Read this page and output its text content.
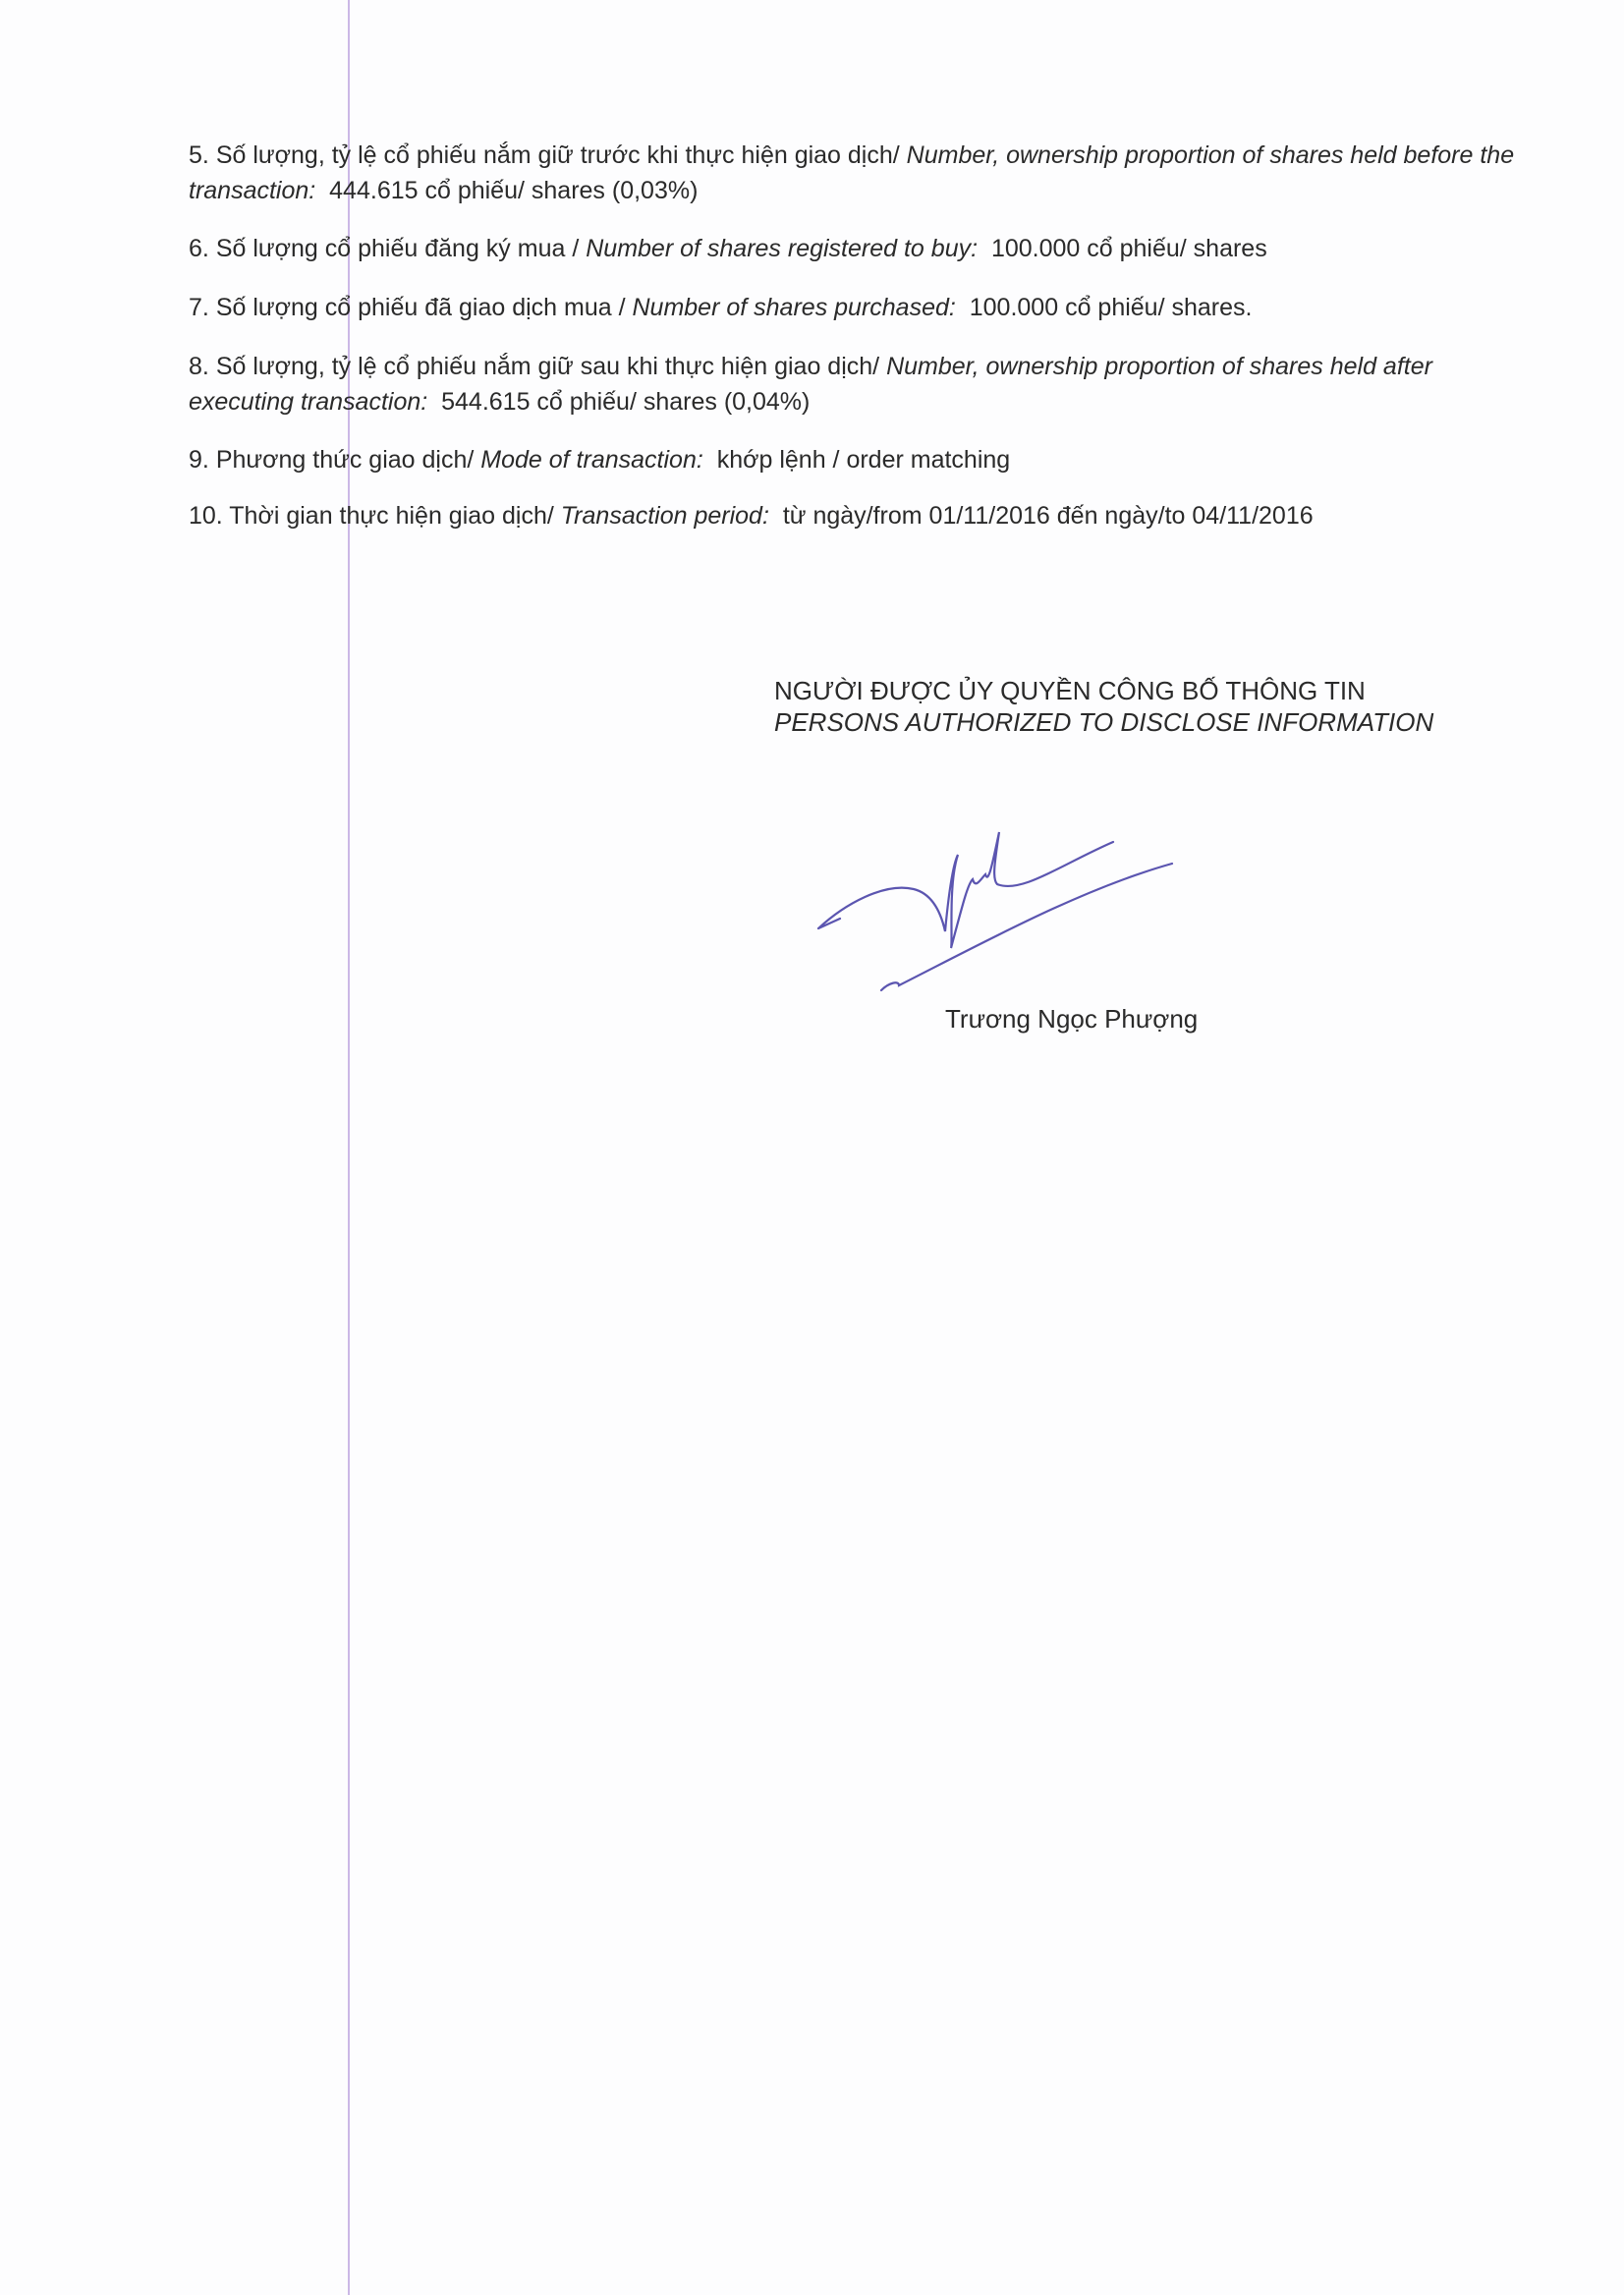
5. Số lượng, tỷ lệ cổ phiếu nắm giữ trước khi thực hiện giao dịch/ Number, ownership proportion of shares held before the transaction: 444.615 cổ phiếu/ shares (0,03%)
6. Số lượng cổ phiếu đăng ký mua / Number of shares registered to buy: 100.000 cổ phiếu/ shares
7. Số lượng cổ phiếu đã giao dịch mua / Number of shares purchased: 100.000 cổ phiếu/ shares.
8. Số lượng, tỷ lệ cổ phiếu nắm giữ sau khi thực hiện giao dịch/ Number, ownership proportion of shares held after executing transaction: 544.615 cổ phiếu/ shares (0,04%)
9. Phương thức giao dịch/ Mode of transaction: khớp lệnh / order matching
10. Thời gian thực hiện giao dịch/ Transaction period: từ ngày/from 01/11/2016 đến ngày/to 04/11/2016
NGƯỜI ĐƯỢC ỦY QUYỀN CÔNG BỐ THÔNG TIN
PERSONS AUTHORIZED TO DISCLOSE INFORMATION
Trương Ngọc Phượng
